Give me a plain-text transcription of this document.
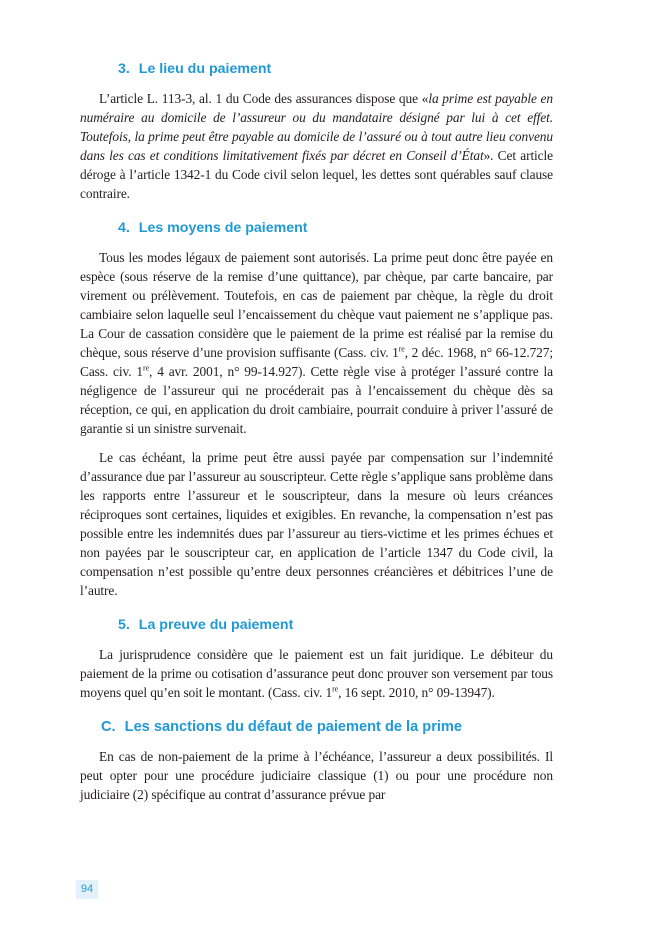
3. Le lieu du paiement

L’article L. 113-3, al. 1 du Code des assurances dispose que «la prime est payable en numéraire au domicile de l’assureur ou du mandataire désigné par lui à cet effet. Toutefois, la prime peut être payable au domicile de l’assuré ou à tout autre lieu convenu dans les cas et conditions limitativement fixés par décret en Conseil d’État». Cet article déroge à l’article 1342-1 du Code civil selon lequel, les dettes sont quérables sauf clause contraire.

4. Les moyens de paiement

Tous les modes légaux de paiement sont autorisés. La prime peut donc être payée en espèce (sous réserve de la remise d’une quittance), par chèque, par carte bancaire, par virement ou prélèvement. Toutefois, en cas de paiement par chèque, la règle du droit cambiaire selon laquelle seul l’encaissement du chèque vaut paiement ne s’applique pas. La Cour de cassation considère que le paiement de la prime est réalisé par la remise du chèque, sous réserve d’une provision suffisante (Cass. civ. 1re, 2 déc. 1968, n° 66-12.727; Cass. civ. 1re, 4 avr. 2001, n° 99-14.927). Cette règle vise à protéger l’assuré contre la négligence de l’assureur qui ne procéderait pas à l’encaissement du chèque dès sa réception, ce qui, en application du droit cambiaire, pourrait conduire à priver l’assuré de garantie si un sinistre survenait.

Le cas échéant, la prime peut être aussi payée par compensation sur l’indemnité d’assurance due par l’assureur au souscripteur. Cette règle s’applique sans problème dans les rapports entre l’assureur et le souscripteur, dans la mesure où leurs créances réciproques sont certaines, liquides et exigibles. En revanche, la compensation n’est pas possible entre les indemnités dues par l’assureur au tiers-victime et les primes échues et non payées par le souscripteur car, en application de l’article 1347 du Code civil, la compensation n’est possible qu’entre deux personnes créancières et débitrices l’une de l’autre.

5. La preuve du paiement

La jurisprudence considère que le paiement est un fait juridique. Le débiteur du paiement de la prime ou cotisation d’assurance peut donc prouver son versement par tous moyens quel qu’en soit le montant. (Cass. civ. 1re, 16 sept. 2010, n° 09-13947).

C. Les sanctions du défaut de paiement de la prime

En cas de non-paiement de la prime à l’échéance, l’assureur a deux possibilités. Il peut opter pour une procédure judiciaire classique (1) ou pour une procédure non judiciaire (2) spécifique au contrat d’assurance prévue par

94
